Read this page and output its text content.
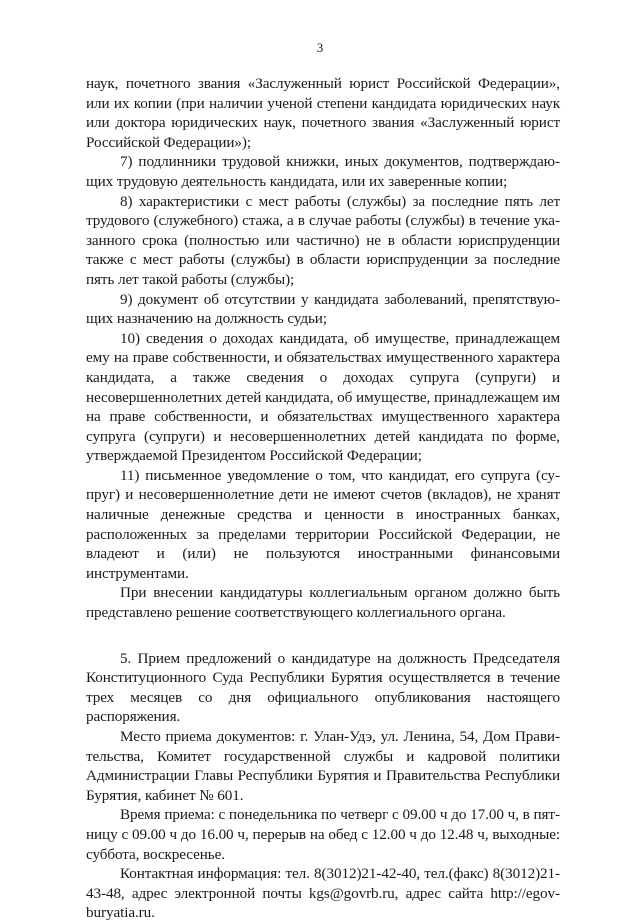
3

наук, почетного звания «Заслуженный юрист Российской Федерации», или их копии (при наличии ученой степени кандидата юридических наук или доктора юридических наук, почетного звания «Заслуженный юрист Российской Федерации»);

7) подлинники трудовой книжки, иных документов, подтверждающих трудовую деятельность кандидата, или их заверенные копии;

8) характеристики с мест работы (службы) за последние пять лет трудового (служебного) стажа, а в случае работы (службы) в течение указанного срока (полностью или частично) не в области юриспруденции также с мест работы (службы) в области юриспруденции за последние пять лет такой работы (службы);

9) документ об отсутствии у кандидата заболеваний, препятствующих назначению на должность судьи;

10) сведения о доходах кандидата, об имуществе, принадлежащем ему на праве собственности, и обязательствах имущественного характера кандидата, а также сведения о доходах супруга (супруги) и несовершеннолетних детей кандидата, об имуществе, принадлежащем им на праве собственности, и обязательствах имущественного характера супруга (супруги) и несовершеннолетних детей кандидата по форме, утверждаемой Президентом Российской Федерации;

11) письменное уведомление о том, что кандидат, его супруга (супруг) и несовершеннолетние дети не имеют счетов (вкладов), не хранят наличные денежные средства и ценности в иностранных банках, расположенных за пределами территории Российской Федерации, не владеют и (или) не пользуются иностранными финансовыми инструментами.

При внесении кандидатуры коллегиальным органом должно быть представлено решение соответствующего коллегиального органа.

5. Прием предложений о кандидатуре на должность Председателя Конституционного Суда Республики Бурятия осуществляется в течение трех месяцев со дня официального опубликования настоящего распоряжения.

Место приема документов: г. Улан-Удэ, ул. Ленина, 54, Дом Правительства, Комитет государственной службы и кадровой политики Администрации Главы Республики Бурятия и Правительства Республики Бурятия, кабинет № 601.

Время приема: с понедельника по четверг с 09.00 ч до 17.00 ч, в пятницу с 09.00 ч до 16.00 ч, перерыв на обед с 12.00 ч до 12.48 ч, выходные: суббота, воскресенье.

Контактная информация: тел. 8(3012)21-42-40, тел.(факс) 8(3012)21-43-48, адрес электронной почты kgs@govrb.ru, адрес сайта http://egov-buryatia.ru.
